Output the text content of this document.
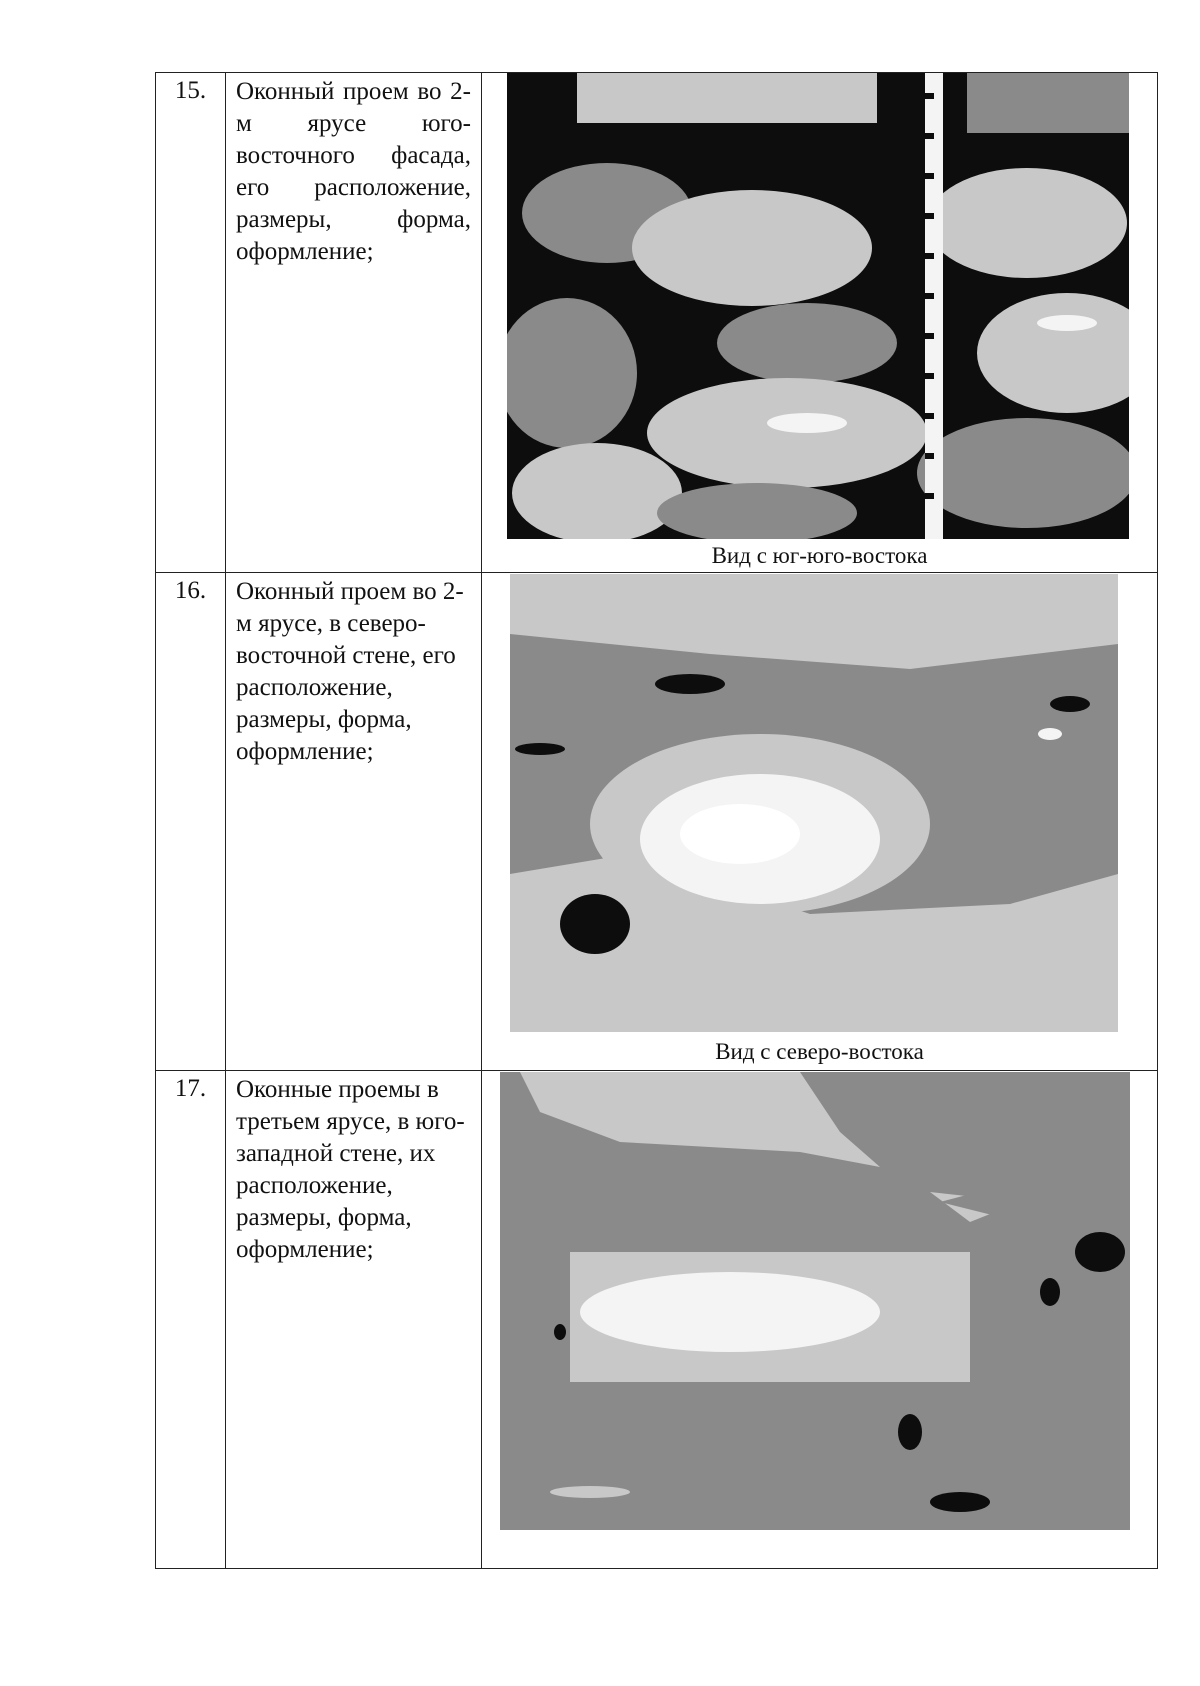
15.	Оконный проем во 2-м ярусе юго-восточного фасада, его расположение, размеры, форма, оформление;	Вид с юг-юго-востока

16.	Оконный проем во 2-м ярусе, в северо-восточной стене, его расположение, размеры, форма, оформление;	Вид с северо-востока

17.	Оконные проемы в третьем ярусе, в юго-западной стене, их расположение, размеры, форма, оформление;	
